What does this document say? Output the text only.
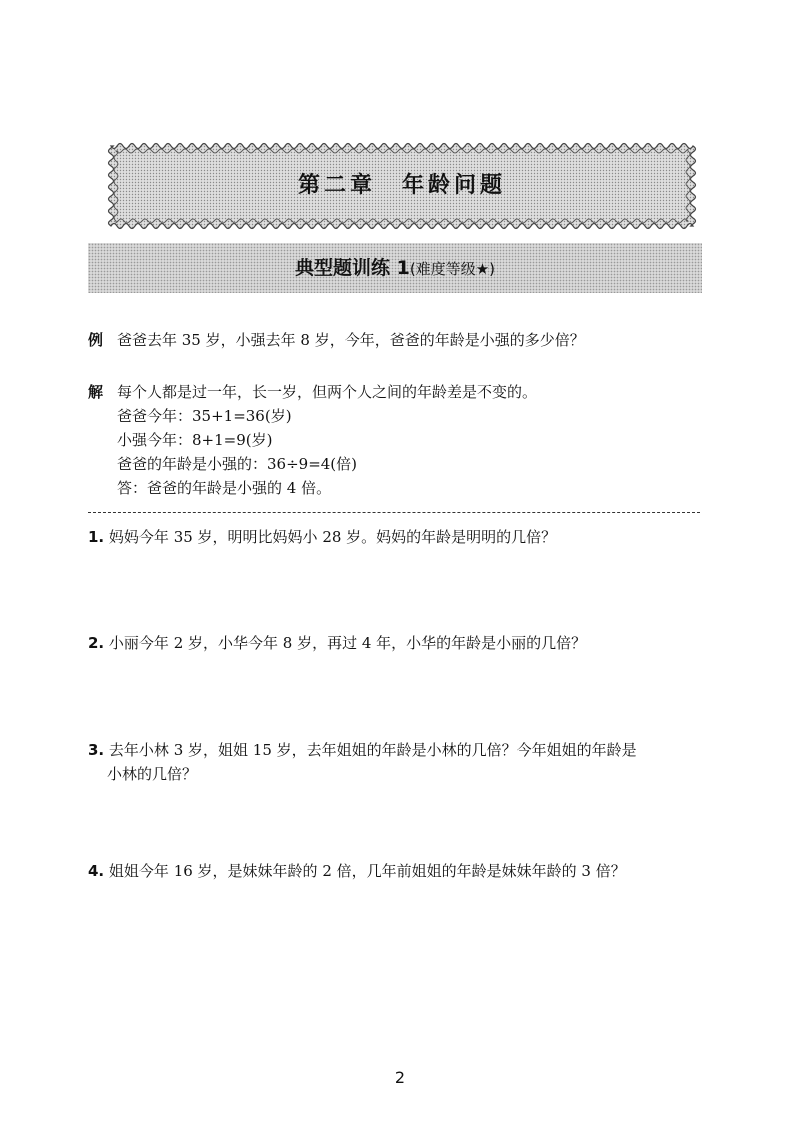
第二章　年龄问题
典型题训练 1(难度等级★)
例 爸爸去年 35 岁，小强去年 8 岁，今年，爸爸的年龄是小强的多少倍？
解 每个人都是过一年，长一岁，但两个人之间的年龄差是不变的。
爸爸今年：35+1=36(岁)
小强今年：8+1=9(岁)
爸爸的年龄是小强的：36÷9=4(倍)
答：爸爸的年龄是小强的 4 倍。
1. 妈妈今年 35 岁，明明比妈妈小 28 岁。妈妈的年龄是明明的几倍？
2. 小丽今年 2 岁，小华今年 8 岁，再过 4 年，小华的年龄是小丽的几倍？
3. 去年小林 3 岁，姐姐 15 岁，去年姐姐的年龄是小林的几倍？今年姐姐的年龄是
小林的几倍？
4. 姐姐今年 16 岁，是妹妹年龄的 2 倍，几年前姐姐的年龄是妹妹年龄的 3 倍？
2
